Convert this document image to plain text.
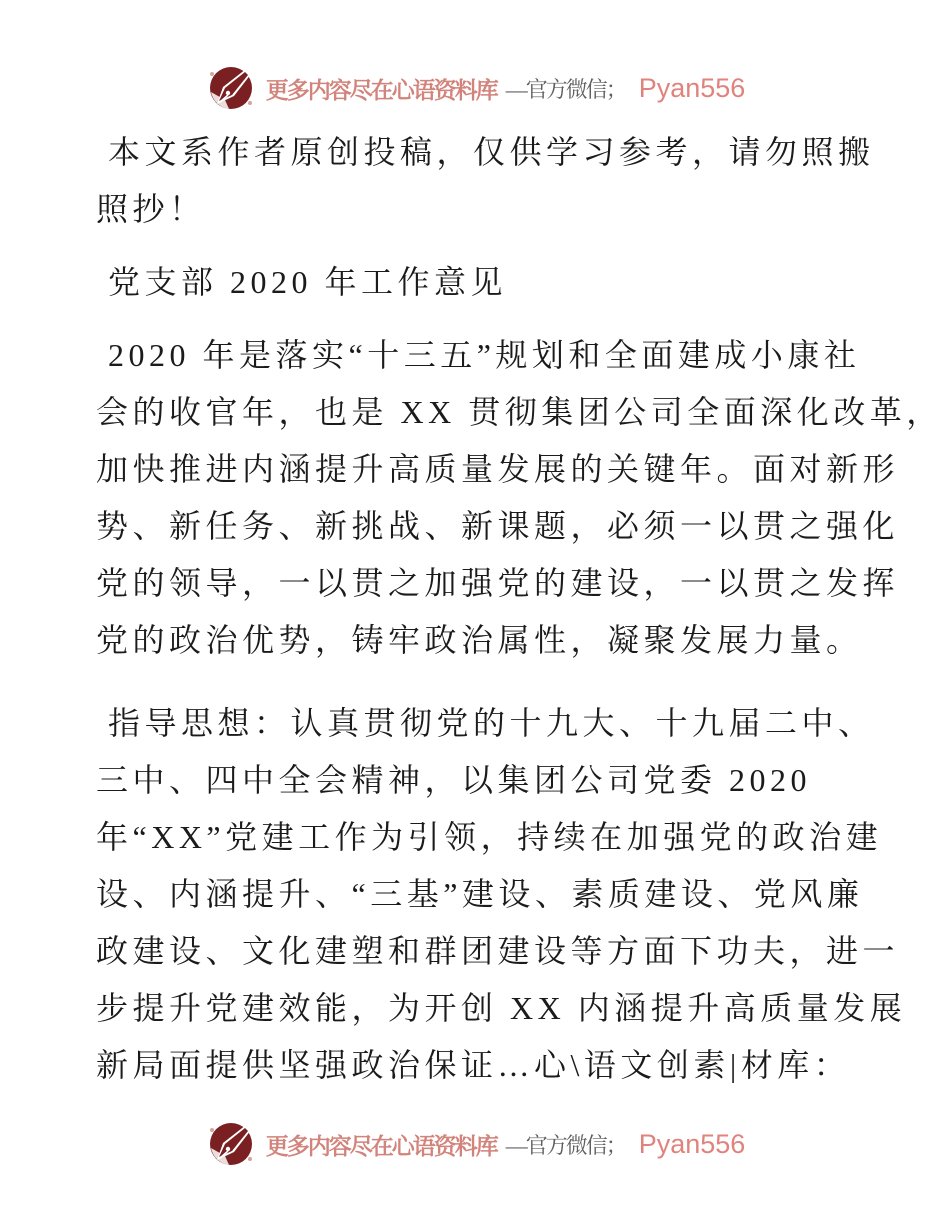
更多内容尽在心语资料库 —官方微信； Pyan556
本文系作者原创投稿，仅供学习参考，请勿照搬
照抄！
党支部 2020 年工作意见
2020 年是落实“十三五”规划和全面建成小康社
会的收官年，也是 XX 贯彻集团公司全面深化改革，
加快推进内涵提升高质量发展的关键年。面对新形
势、新任务、新挑战、新课题，必须一以贯之强化
党的领导，一以贯之加强党的建设，一以贯之发挥
党的政治优势，铸牢政治属性，凝聚发展力量。
指导思想：认真贯彻党的十九大、十九届二中、
三中、四中全会精神，以集团公司党委 2020
年“XX”党建工作为引领，持续在加强党的政治建
设、内涵提升、“三基”建设、素质建设、党风廉
政建设、文化建塑和群团建设等方面下功夫，进一
步提升党建效能，为开创 XX 内涵提升高质量发展
新局面提供坚强政治保证…心\语文创素|材库：
更多内容尽在心语资料库 —官方微信； Pyan556
